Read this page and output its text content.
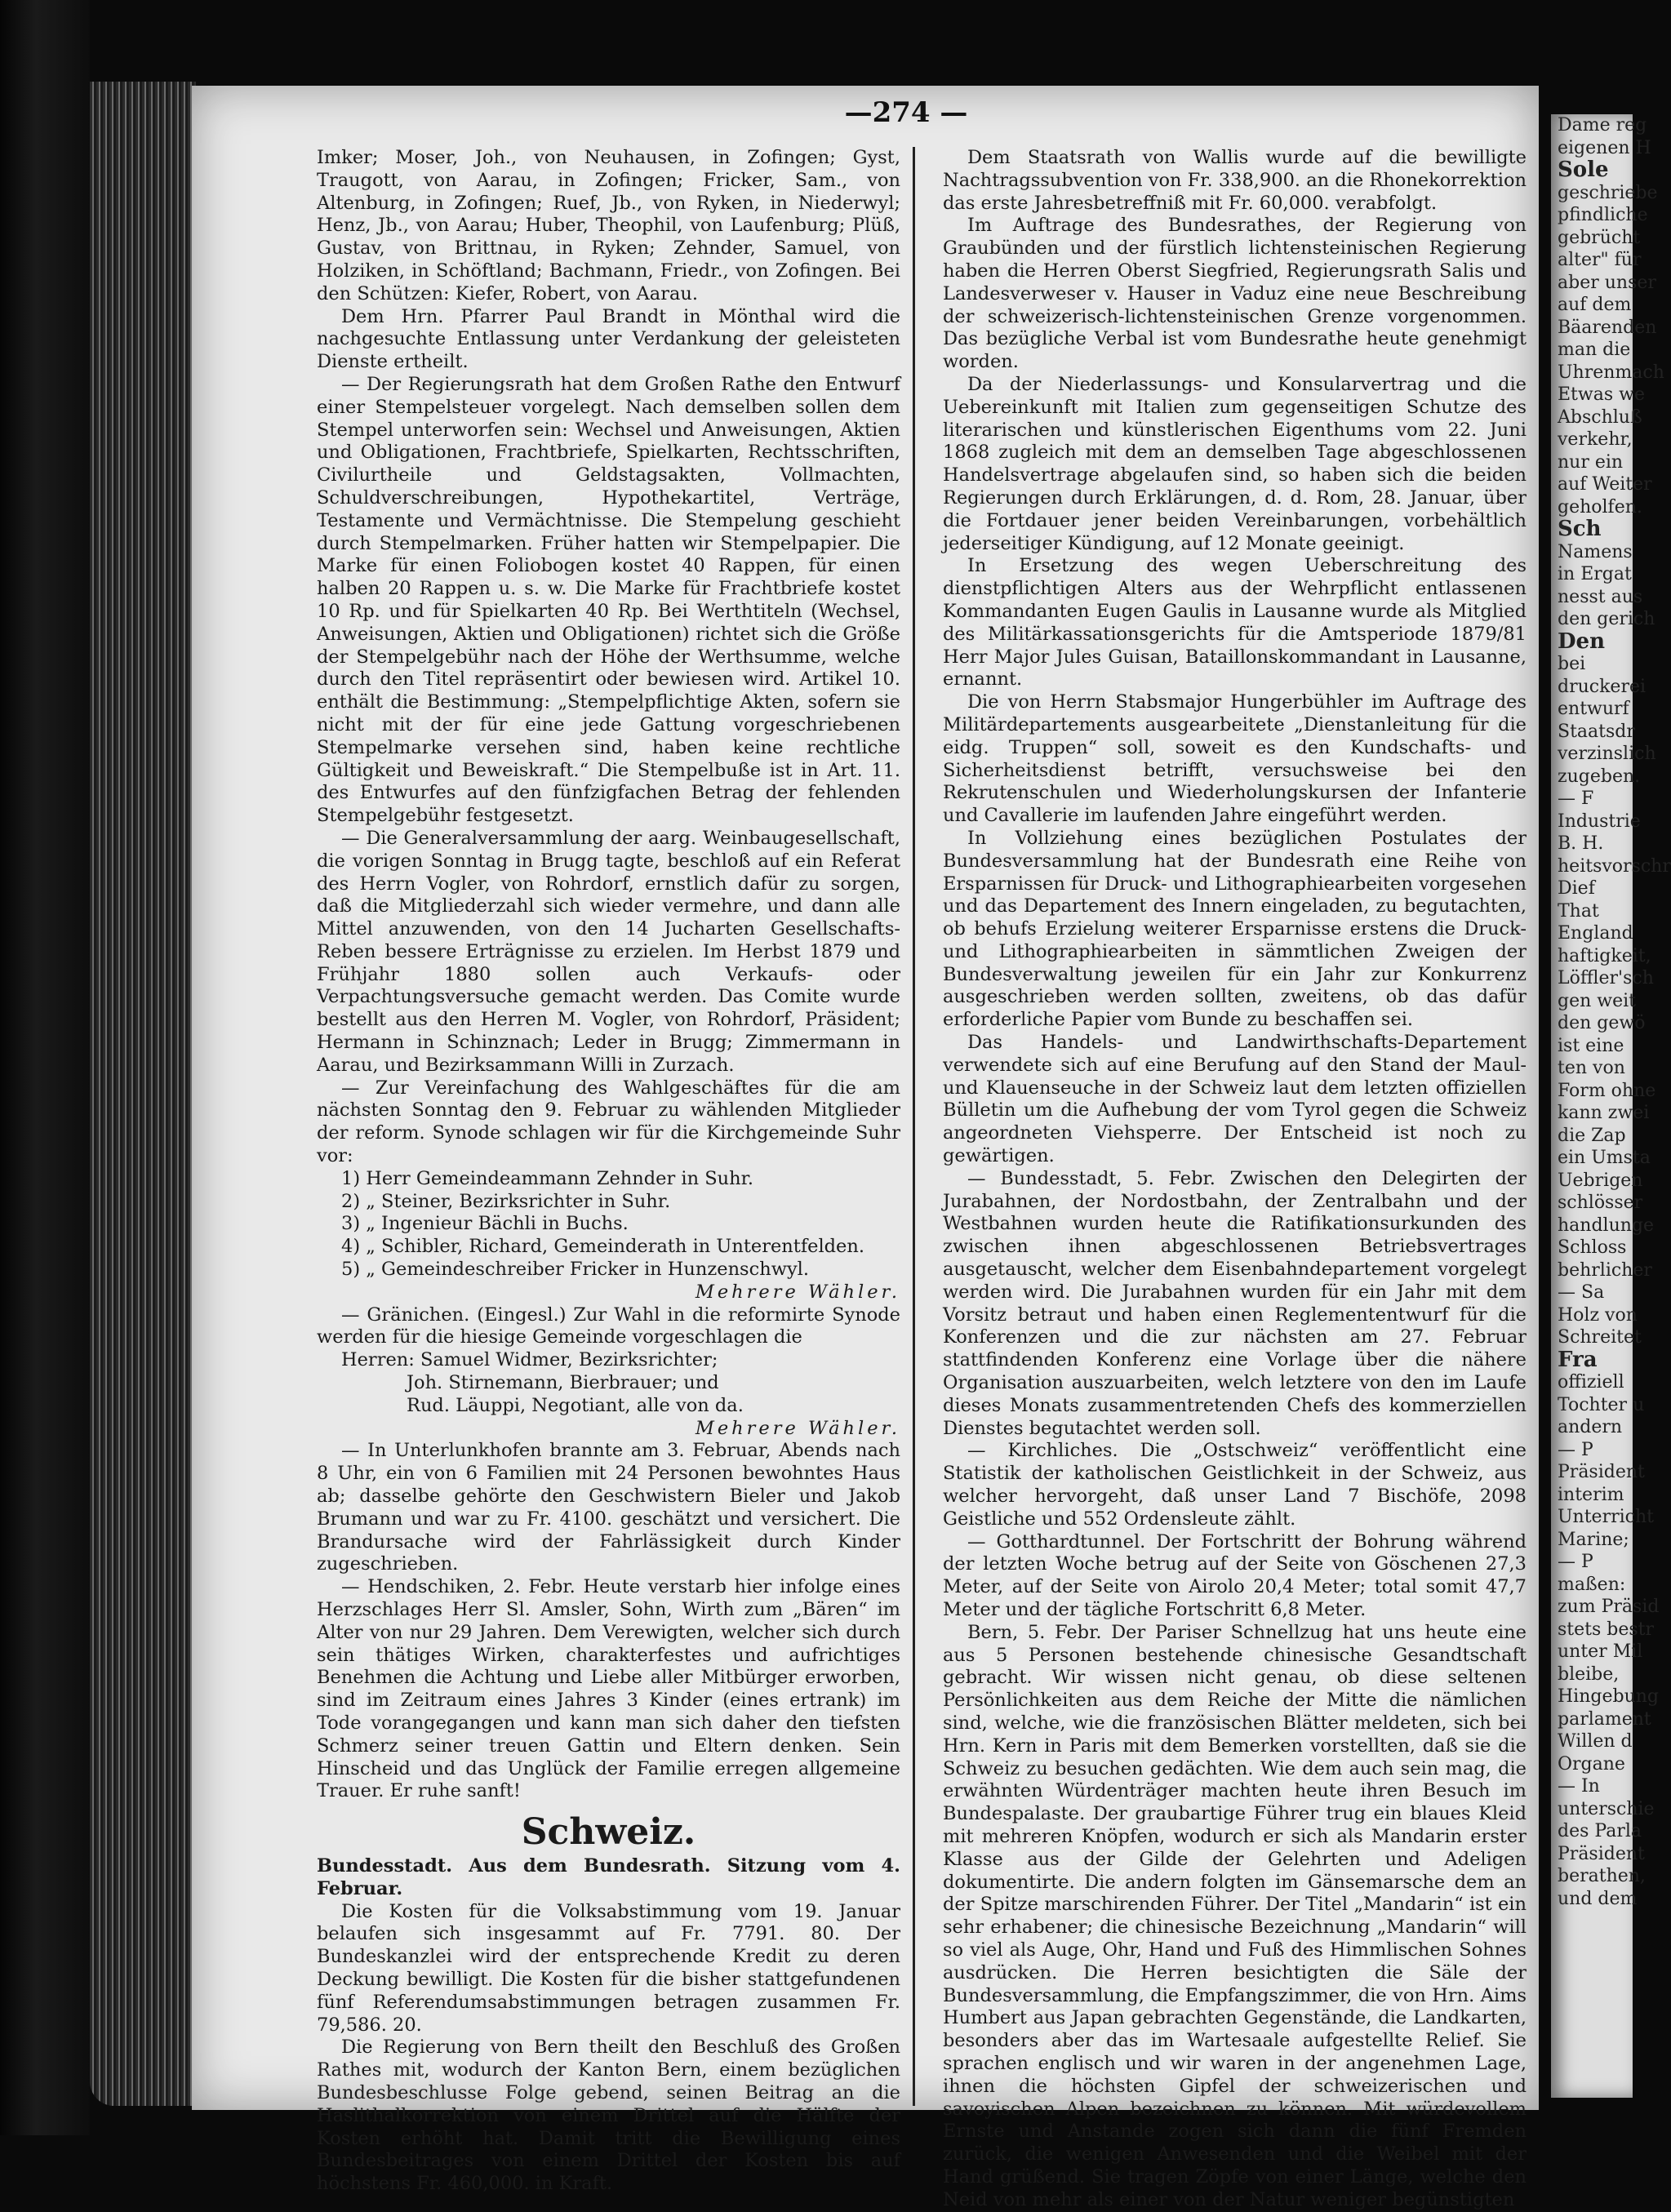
—274 —

Imker; Moser, Joh., von Neuhausen, in Zofingen; Gyst, Traugott, von Aarau, in Zofingen; Fricker, Sam., von Altenburg, in Zofingen; Ruef, Jb., von Ryken, in Niederwyl; Henz, Jb., von Aarau; Huber, Theophil, von Laufenburg; Plüß, Gustav, von Brittnau, in Ryken; Zehnder, Samuel, von Holziken, in Schöftland; Bachmann, Friedr., von Zofingen. Bei den Schützen: Kiefer, Robert, von Aarau.

Dem Hrn. Pfarrer Paul Brandt in Mönthal wird die nachgesuchte Entlassung unter Verdankung der geleisteten Dienste ertheilt.

— Der Regierungsrath hat dem Großen Rathe den Entwurf einer Stempelsteuer vorgelegt. Nach demselben sollen dem Stempel unterworfen sein: Wechsel und Anweisungen, Aktien und Obligationen, Frachtbriefe, Spielkarten, Rechtsschriften, Civilurtheile und Geldstagsakten, Vollmachten, Schuldverschreibungen, Hypothekartitel, Verträge, Testamente und Vermächtnisse. Die Stempelung geschieht durch Stempelmarken. Früher hatten wir Stempelpapier. Die Marke für einen Foliobogen kostet 40 Rappen, für einen halben 20 Rappen u. s. w. Die Marke für Frachtbriefe kostet 10 Rp. und für Spielkarten 40 Rp. Bei Werthtiteln (Wechsel, Anweisungen, Aktien und Obligationen) richtet sich die Größe der Stempelgebühr nach der Höhe der Werthsumme, welche durch den Titel repräsentirt oder bewiesen wird. Artikel 10. enthält die Bestimmung: „Stempelpflichtige Akten, sofern sie nicht mit der für eine jede Gattung vorgeschriebenen Stempelmarke versehen sind, haben keine rechtliche Gültigkeit und Beweiskraft.“ Die Stempelbuße ist in Art. 11. des Entwurfes auf den fünfzigfachen Betrag der fehlenden Stempelgebühr festgesetzt.

— Die Generalversammlung der aarg. Weinbaugesellschaft, die vorigen Sonntag in Brugg tagte, beschloß auf ein Referat des Herrn Vogler, von Rohrdorf, ernstlich dafür zu sorgen, daß die Mitgliederzahl sich wieder vermehre, und dann alle Mittel anzuwenden, von den 14 Jucharten Gesellschafts-Reben bessere Erträgnisse zu erzielen. Im Herbst 1879 und Frühjahr 1880 sollen auch Verkaufs- oder Verpachtungsversuche gemacht werden. Das Comite wurde bestellt aus den Herren M. Vogler, von Rohrdorf, Präsident; Hermann in Schinznach; Leder in Brugg; Zimmermann in Aarau, und Bezirksammann Willi in Zurzach.

— Zur Vereinfachung des Wahlgeschäftes für die am nächsten Sonntag den 9. Februar zu wählenden Mitglieder der reform. Synode schlagen wir für die Kirchgemeinde Suhr vor:

1) Herr Gemeindeammann Zehnder in Suhr.
2) „ Steiner, Bezirksrichter in Suhr.
3) „ Ingenieur Bächli in Buchs.
4) „ Schibler, Richard, Gemeinderath in Unterentfelden.
5) „ Gemeindeschreiber Fricker in Hunzenschwyl.

Mehrere Wähler.

— Gränichen. (Eingesl.) Zur Wahl in die reformirte Synode werden für die hiesige Gemeinde vorgeschlagen die

Herren: Samuel Widmer, Bezirksrichter;
Joh. Stirnemann, Bierbrauer; und
Rud. Läuppi, Negotiant, alle von da.

Mehrere Wähler.

— In Unterlunkhofen brannte am 3. Februar, Abends nach 8 Uhr, ein von 6 Familien mit 24 Personen bewohntes Haus ab; dasselbe gehörte den Geschwistern Bieler und Jakob Brumann und war zu Fr. 4100. geschätzt und versichert. Die Brandursache wird der Fahrlässigkeit durch Kinder zugeschrieben.

— Hendschiken, 2. Febr. Heute verstarb hier infolge eines Herzschlages Herr Sl. Amsler, Sohn, Wirth zum „Bären“ im Alter von nur 29 Jahren. Dem Verewigten, welcher sich durch sein thätiges Wirken, charakterfestes und aufrichtiges Benehmen die Achtung und Liebe aller Mitbürger erworben, sind im Zeitraum eines Jahres 3 Kinder (eines ertrank) im Tode vorangegangen und kann man sich daher den tiefsten Schmerz seiner treuen Gattin und Eltern denken. Sein Hinscheid und das Unglück der Familie erregen allgemeine Trauer. Er ruhe sanft!

Schweiz.

Bundesstadt. Aus dem Bundesrath. Sitzung vom 4. Februar.

Die Kosten für die Volksabstimmung vom 19. Januar belaufen sich insgesammt auf Fr. 7791. 80. Der Bundeskanzlei wird der entsprechende Kredit zu deren Deckung bewilligt. Die Kosten für die bisher stattgefundenen fünf Referendumsabstimmungen betragen zusammen Fr. 79,586. 20.

Die Regierung von Bern theilt den Beschluß des Großen Rathes mit, wodurch der Kanton Bern, einem bezüglichen Bundesbeschlusse Folge gebend, seinen Beitrag an die Haslithalkorrektion von einem Drittel auf die Hälfte der Kosten erhöht hat. Damit tritt die Bewilligung eines Bundesbeitrages von einem Drittel der Kosten bis auf höchstens Fr. 460,000. in Kraft.

Dem Staatsrath von Wallis wurde auf die bewilligte Nachtragssubvention von Fr. 338,900. an die Rhonekorrektion das erste Jahresbetreffniß mit Fr. 60,000. verabfolgt.

Im Auftrage des Bundesrathes, der Regierung von Graubünden und der fürstlich lichtensteinischen Regierung haben die Herren Oberst Siegfried, Regierungsrath Salis und Landesverweser v. Hauser in Vaduz eine neue Beschreibung der schweizerisch-lichtensteinischen Grenze vorgenommen. Das bezügliche Verbal ist vom Bundesrathe heute genehmigt worden.

Da der Niederlassungs- und Konsularvertrag und die Uebereinkunft mit Italien zum gegenseitigen Schutze des literarischen und künstlerischen Eigenthums vom 22. Juni 1868 zugleich mit dem an demselben Tage abgeschlossenen Handelsvertrage abgelaufen sind, so haben sich die beiden Regierungen durch Erklärungen, d. d. Rom, 28. Januar, über die Fortdauer jener beiden Vereinbarungen, vorbehältlich jederseitiger Kündigung, auf 12 Monate geeinigt.

In Ersetzung des wegen Ueberschreitung des dienstpflichtigen Alters aus der Wehrpflicht entlassenen Kommandanten Eugen Gaulis in Lausanne wurde als Mitglied des Militärkassationsgerichts für die Amtsperiode 1879/81 Herr Major Jules Guisan, Bataillonskommandant in Lausanne, ernannt.

Die von Herrn Stabsmajor Hungerbühler im Auftrage des Militärdepartements ausgearbeitete „Dienstanleitung für die eidg. Truppen“ soll, soweit es den Kundschafts- und Sicherheitsdienst betrifft, versuchsweise bei den Rekrutenschulen und Wiederholungskursen der Infanterie und Cavallerie im laufenden Jahre eingeführt werden.

In Vollziehung eines bezüglichen Postulates der Bundesversammlung hat der Bundesrath eine Reihe von Ersparnissen für Druck- und Lithographiearbeiten vorgesehen und das Departement des Innern eingeladen, zu begutachten, ob behufs Erzielung weiterer Ersparnisse erstens die Druck- und Lithographiearbeiten in sämmtlichen Zweigen der Bundesverwaltung jeweilen für ein Jahr zur Konkurrenz ausgeschrieben werden sollten, zweitens, ob das dafür erforderliche Papier vom Bunde zu beschaffen sei.

Das Handels- und Landwirthschafts-Departement verwendete sich auf eine Berufung auf den Stand der Maul- und Klauenseuche in der Schweiz laut dem letzten offiziellen Bülletin um die Aufhebung der vom Tyrol gegen die Schweiz angeordneten Viehsperre. Der Entscheid ist noch zu gewärtigen.

— Bundesstadt, 5. Febr. Zwischen den Delegirten der Jurabahnen, der Nordostbahn, der Zentralbahn und der Westbahnen wurden heute die Ratifikationsurkunden des zwischen ihnen abgeschlossenen Betriebsvertrages ausgetauscht, welcher dem Eisenbahndepartement vorgelegt werden wird. Die Jurabahnen wurden für ein Jahr mit dem Vorsitz betraut und haben einen Reglemententwurf für die Konferenzen und die zur nächsten am 27. Februar stattfindenden Konferenz eine Vorlage über die nähere Organisation auszuarbeiten, welch letztere von den im Laufe dieses Monats zusammentretenden Chefs des kommerziellen Dienstes begutachtet werden soll.

— Kirchliches. Die „Ostschweiz“ veröffentlicht eine Statistik der katholischen Geistlichkeit in der Schweiz, aus welcher hervorgeht, daß unser Land 7 Bischöfe, 2098 Geistliche und 552 Ordensleute zählt.

— Gotthardtunnel. Der Fortschritt der Bohrung während der letzten Woche betrug auf der Seite von Göschenen 27,3 Meter, auf der Seite von Airolo 20,4 Meter; total somit 47,7 Meter und der tägliche Fortschritt 6,8 Meter.

Bern, 5. Febr. Der Pariser Schnellzug hat uns heute eine aus 5 Personen bestehende chinesische Gesandtschaft gebracht. Wir wissen nicht genau, ob diese seltenen Persönlichkeiten aus dem Reiche der Mitte die nämlichen sind, welche, wie die französischen Blätter meldeten, sich bei Hrn. Kern in Paris mit dem Bemerken vorstellten, daß sie die Schweiz zu besuchen gedächten. Wie dem auch sein mag, die erwähnten Würdenträger machten heute ihren Besuch im Bundespalaste. Der graubartige Führer trug ein blaues Kleid mit mehreren Knöpfen, wodurch er sich als Mandarin erster Klasse aus der Gilde der Gelehrten und Adeligen dokumentirte. Die andern folgten im Gänsemarsche dem an der Spitze marschirenden Führer. Der Titel „Mandarin“ ist ein sehr erhabener; die chinesische Bezeichnung „Mandarin“ will so viel als Auge, Ohr, Hand und Fuß des Himmlischen Sohnes ausdrücken. Die Herren besichtigten die Säle der Bundesversammlung, die Empfangszimmer, die von Hrn. Aims Humbert aus Japan gebrachten Gegenstände, die Landkarten, besonders aber das im Wartesaale aufgestellte Relief. Sie sprachen englisch und wir waren in der angenehmen Lage, ihnen die höchsten Gipfel der schweizerischen und savoyischen Alpen bezeichnen zu können. Mit würdevollem Ernste und Anstande zogen sich dann die fünf Fremden zurück, die wenigen Anwesenden und die Weibel mit der Hand grüßend. Sie tragen Zöpfe von einer Länge, welche den Neid von mehr als einer von der Natur weniger begünstigten

Dame reg
eigenen H
Sole
geschriebe
pfindliche
gebrücht
alter" für
aber unser
auf dem
Bäarenden
man die
Uhrenmach
Etwas we
Abschluß
verkehr,
nur ein
auf Weiter
geholfen.
Sch
Namens
in Ergat
nesst aus
den gerich
Den
bei
druckerei
entwurf
Staatsdr
verzinslich
zugeben.
— F
Industrie
B. H.
heitsvorschr
Dief
That
England
haftigkeit,
Löffler'sch
gen weit
den gewö
ist eine
ten von
Form ohne
kann zwei
die Zap
ein Umsta
Uebrigen
schlösser
handlunge
Schloss
behrlicher
— Sa
Holz von
Schreitet
Fra
offiziell
Tochter u
andern
— P
Präsident
interim
Unterricht
Marine;
— P
maßen:
zum Präsid
stets bestr
unter Mil
bleibe,
Hingebung
parlament
Willen d
Organe
— In
unterschie
des Parla
Präsident
berathen,
und dem
